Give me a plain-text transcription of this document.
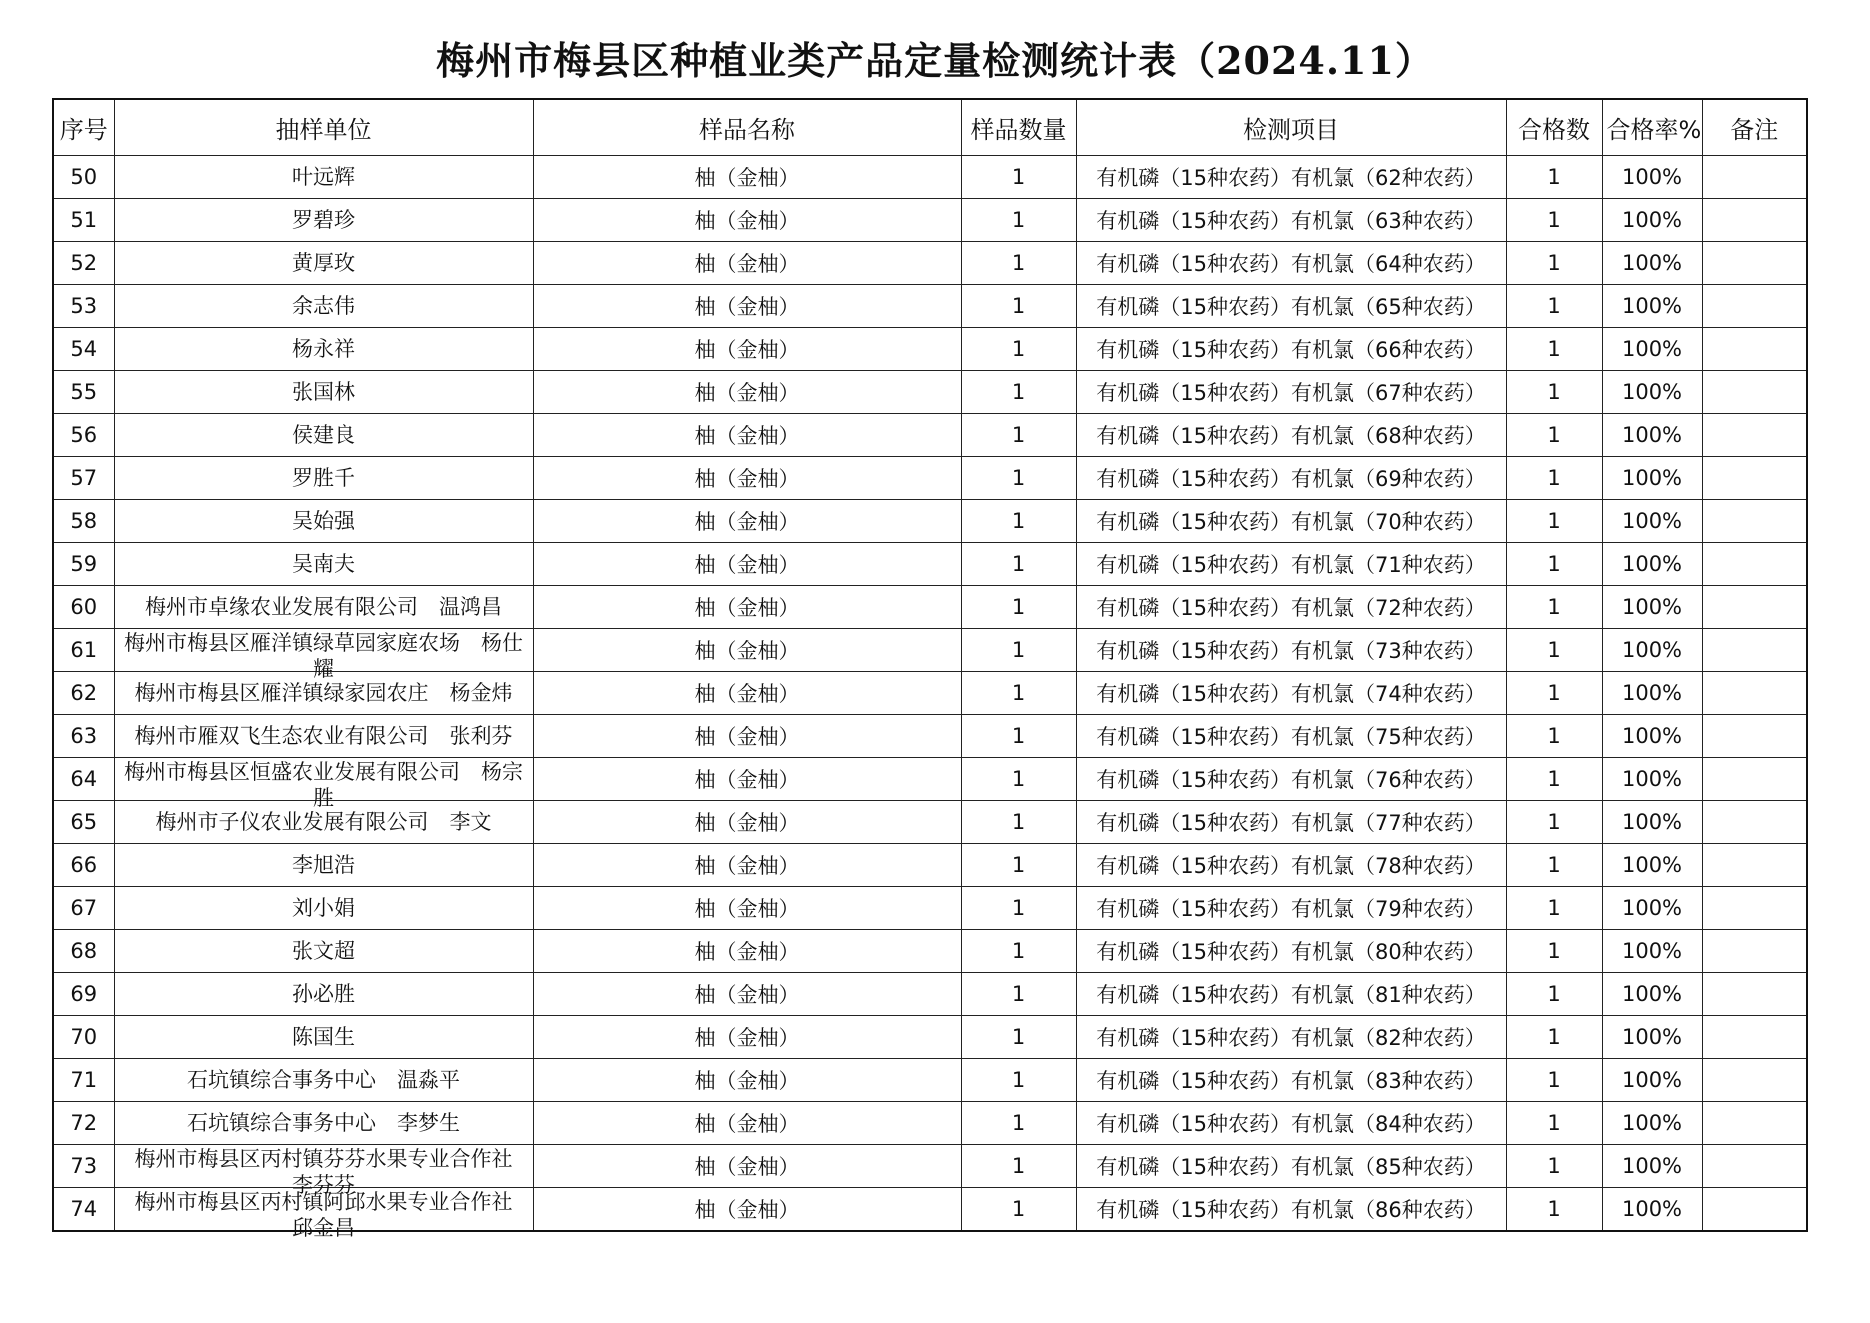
梅州市梅县区种植业类产品定量检测统计表（2024.11）
序号	抽样单位	样品名称	样品数量	检测项目	合格数	合格率%	备注
50	叶远辉	柚（金柚）	1	有机磷（15种农药）有机氯（62种农药）	1	100%	
51	罗碧珍	柚（金柚）	1	有机磷（15种农药）有机氯（63种农药）	1	100%	
52	黄厚玫	柚（金柚）	1	有机磷（15种农药）有机氯（64种农药）	1	100%	
53	余志伟	柚（金柚）	1	有机磷（15种农药）有机氯（65种农药）	1	100%	
54	杨永祥	柚（金柚）	1	有机磷（15种农药）有机氯（66种农药）	1	100%	
55	张国林	柚（金柚）	1	有机磷（15种农药）有机氯（67种农药）	1	100%	
56	侯建良	柚（金柚）	1	有机磷（15种农药）有机氯（68种农药）	1	100%	
57	罗胜千	柚（金柚）	1	有机磷（15种农药）有机氯（69种农药）	1	100%	
58	吴始强	柚（金柚）	1	有机磷（15种农药）有机氯（70种农药）	1	100%	
59	吴南夫	柚（金柚）	1	有机磷（15种农药）有机氯（71种农药）	1	100%	
60	梅州市卓缘农业发展有限公司　温鸿昌	柚（金柚）	1	有机磷（15种农药）有机氯（72种农药）	1	100%	
61	梅州市梅县区雁洋镇绿草园家庭农场　杨仕耀	柚（金柚）	1	有机磷（15种农药）有机氯（73种农药）	1	100%	
62	梅州市梅县区雁洋镇绿家园农庄　杨金炜	柚（金柚）	1	有机磷（15种农药）有机氯（74种农药）	1	100%	
63	梅州市雁双飞生态农业有限公司　张利芬	柚（金柚）	1	有机磷（15种农药）有机氯（75种农药）	1	100%	
64	梅州市梅县区恒盛农业发展有限公司　杨宗胜	柚（金柚）	1	有机磷（15种农药）有机氯（76种农药）	1	100%	
65	梅州市子仪农业发展有限公司　李文	柚（金柚）	1	有机磷（15种农药）有机氯（77种农药）	1	100%	
66	李旭浩	柚（金柚）	1	有机磷（15种农药）有机氯（78种农药）	1	100%	
67	刘小娟	柚（金柚）	1	有机磷（15种农药）有机氯（79种农药）	1	100%	
68	张文超	柚（金柚）	1	有机磷（15种农药）有机氯（80种农药）	1	100%	
69	孙必胜	柚（金柚）	1	有机磷（15种农药）有机氯（81种农药）	1	100%	
70	陈国生	柚（金柚）	1	有机磷（15种农药）有机氯（82种农药）	1	100%	
71	石坑镇综合事务中心　温淼平	柚（金柚）	1	有机磷（15种农药）有机氯（83种农药）	1	100%	
72	石坑镇综合事务中心　李梦生	柚（金柚）	1	有机磷（15种农药）有机氯（84种农药）	1	100%	
73	梅州市梅县区丙村镇芬芬水果专业合作社　李芬芬	柚（金柚）	1	有机磷（15种农药）有机氯（85种农药）	1	100%	
74	梅州市梅县区丙村镇阿邱水果专业合作社　邱金昌	柚（金柚）	1	有机磷（15种农药）有机氯（86种农药）	1	100%	
